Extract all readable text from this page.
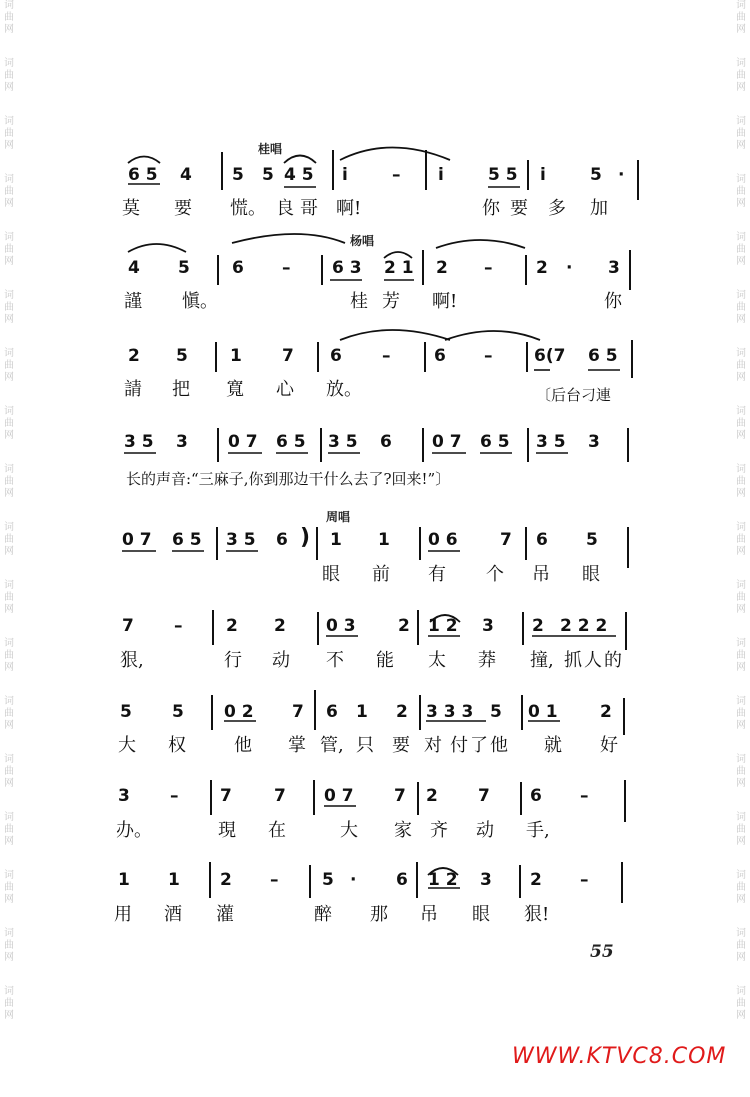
词
曲
网
词
曲
网
词
曲
网
词
曲
网
词
曲
网
词
曲
网
词
曲
网
词
曲
网
词
曲
网
词
曲
网
词
曲
网
词
曲
网
词
曲
网
词
曲
网
词
曲
网
词
曲
网
词
曲
网
词
曲
网
词
曲
网
词
曲
网
词
曲
网
词
曲
网
词
曲
网
词
曲
网
词
曲
网
词
曲
网
词
曲
网
词
曲
网
词
曲
网
词
曲
网
词
曲
网
词
曲
网
词
曲
网
词
曲
网
词
曲
网
词
曲
网
桂唱
杨唱
周唱
6 5 4 5 5 4 5 i	– i	5 5 i	5 ·
莫 要 慌。 良 哥 啊!	你 要 多 加
4 5 6 – 6 3 2 1 2 –	2 · 3
謹 愼。	桂 芳 啊!	你
2 5 1 7 6 –	6 – 6(7 6 5
請 把 寬 心 放。	〔后台刁連
3 5 3 0 7 6 5 3 5 6 0 7 6 5 3 5 3
长的声音:“三麻子,你到那边干什么去了?回来!”〕
0 7 6 5 3 5 6 ) 1 1 0 6 7 6 5
眼 前 有 个 吊 眼
7 –	2 2 0 3 2 1 2 3 2 2 2 2
狠,	行 动 不 能 太 莽 撞, 抓 人 的
5 5 0 2 7 6 1 2 3 3 3 5 0 1 2
大 权	他 掌 管, 只 要 对 付 了 他 就 好
3 – 7 7 0 7 7 2 7 6 –
办。	現 在	大 家 齐 动 手,
1 1 2 –	5 · 6 1 2 3 2 –
用 酒 灌	醉 那 吊 眼 狠!
55
WWW.KTVC8.COM
